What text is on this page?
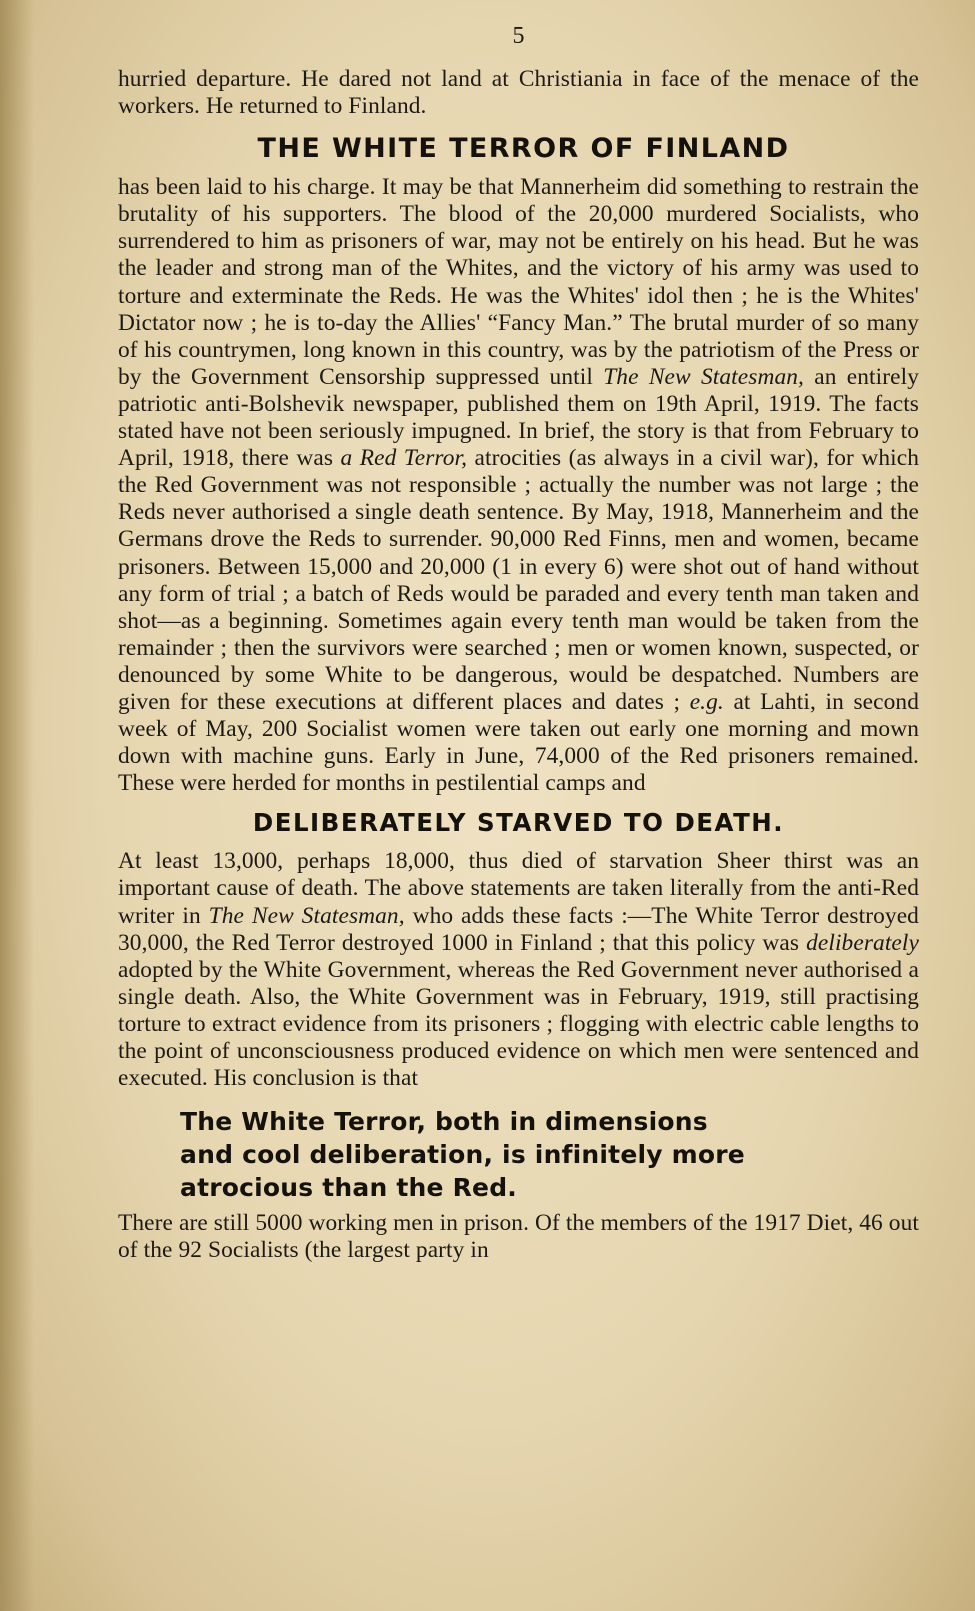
5

hurried departure. He dared not land at Christiania in face of the menace of the workers. He returned to Finland.

THE WHITE TERROR OF FINLAND

has been laid to his charge. It may be that Mannerheim did something to restrain the brutality of his supporters. The blood of the 20,000 murdered Socialists, who surrendered to him as prisoners of war, may not be entirely on his head. But he was the leader and strong man of the Whites, and the victory of his army was used to torture and exterminate the Reds. He was the Whites' idol then ; he is the Whites' Dictator now ; he is to-day the Allies' “Fancy Man.” The brutal murder of so many of his countrymen, long known in this country, was by the patriotism of the Press or by the Government Censorship suppressed until The New Statesman, an entirely patriotic anti-Bolshevik newspaper, published them on 19th April, 1919. The facts stated have not been seriously impugned. In brief, the story is that from February to April, 1918, there was a Red Terror, atrocities (as always in a civil war), for which the Red Government was not responsible ; actually the number was not large ; the Reds never authorised a single death sentence. By May, 1918, Mannerheim and the Germans drove the Reds to surrender. 90,000 Red Finns, men and women, became prisoners. Between 15,000 and 20,000 (1 in every 6) were shot out of hand without any form of trial ; a batch of Reds would be paraded and every tenth man taken and shot—as a beginning. Sometimes again every tenth man would be taken from the remainder ; then the survivors were searched ; men or women known, suspected, or denounced by some White to be dangerous, would be despatched. Numbers are given for these executions at different places and dates ; e.g. at Lahti, in second week of May, 200 Socialist women were taken out early one morning and mown down with machine guns. Early in June, 74,000 of the Red prisoners remained. These were herded for months in pestilential camps and

DELIBERATELY STARVED TO DEATH.

At least 13,000, perhaps 18,000, thus died of starvation Sheer thirst was an important cause of death. The above statements are taken literally from the anti-Red writer in The New Statesman, who adds these facts :—The White Terror destroyed 30,000, the Red Terror destroyed 1000 in Finland ; that this policy was deliberately adopted by the White Government, whereas the Red Government never authorised a single death. Also, the White Government was in February, 1919, still practising torture to extract evidence from its prisoners ; flogging with electric cable lengths to the point of unconsciousness produced evidence on which men were sentenced and executed. His conclusion is that

The White Terror, both in dimensions
and cool deliberation, is infinitely more
atrocious than the Red.

There are still 5000 working men in prison. Of the members of the 1917 Diet, 46 out of the 92 Socialists (the largest party in
